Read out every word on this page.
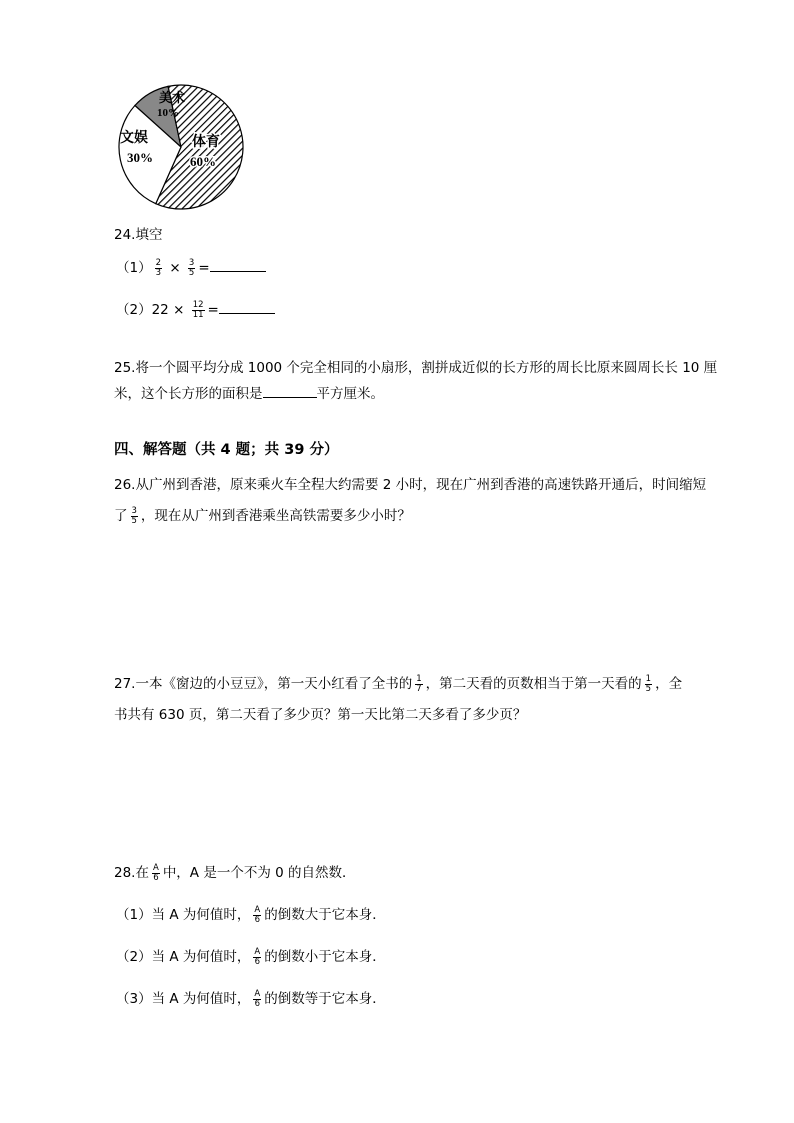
美术
10%
体育
60%
文娱
30%
24.填空
$(1) \frac{2}{3} \times \frac{3}{5}$ =
$(2)22 \times \frac{12}{11}$ =
25.将一个圆平均分成 1000 个完全相同的小扇形，割拼成近似的长方形的周长比原来圆周长长 10 厘
米，这个长方形的面积是	平方厘米。
四、解答题（共 4 题；共 39 分）
26.从广州到香港，原来乘火车全程大约需要 2 小时，现在广州到香港的高速铁路开通后，时间缩短
了 $\frac{3}{5}$ ，现在从广州到香港乘坐高铁需要多少小时？
27.一本《窗边的小豆豆》，第一天小红看了全书的 $\frac{1}{7}$ ，第二天看的页数相当于第一天看的 $\frac{1}{5}$ ，全
书共有 630 页，第二天看了多少页？第一天比第二天多看了多少页？
28.在 $\frac{A}{6}$ 中，A 是一个不为 0 的自然数．
（1）当 A 为何值时， $\frac{A}{6}$ 的倒数大于它本身．
（2）当 A 为何值时， $\frac{A}{6}$ 的倒数小于它本身．
（3）当 A 为何值时， $\frac{A}{6}$ 的倒数等于它本身．
